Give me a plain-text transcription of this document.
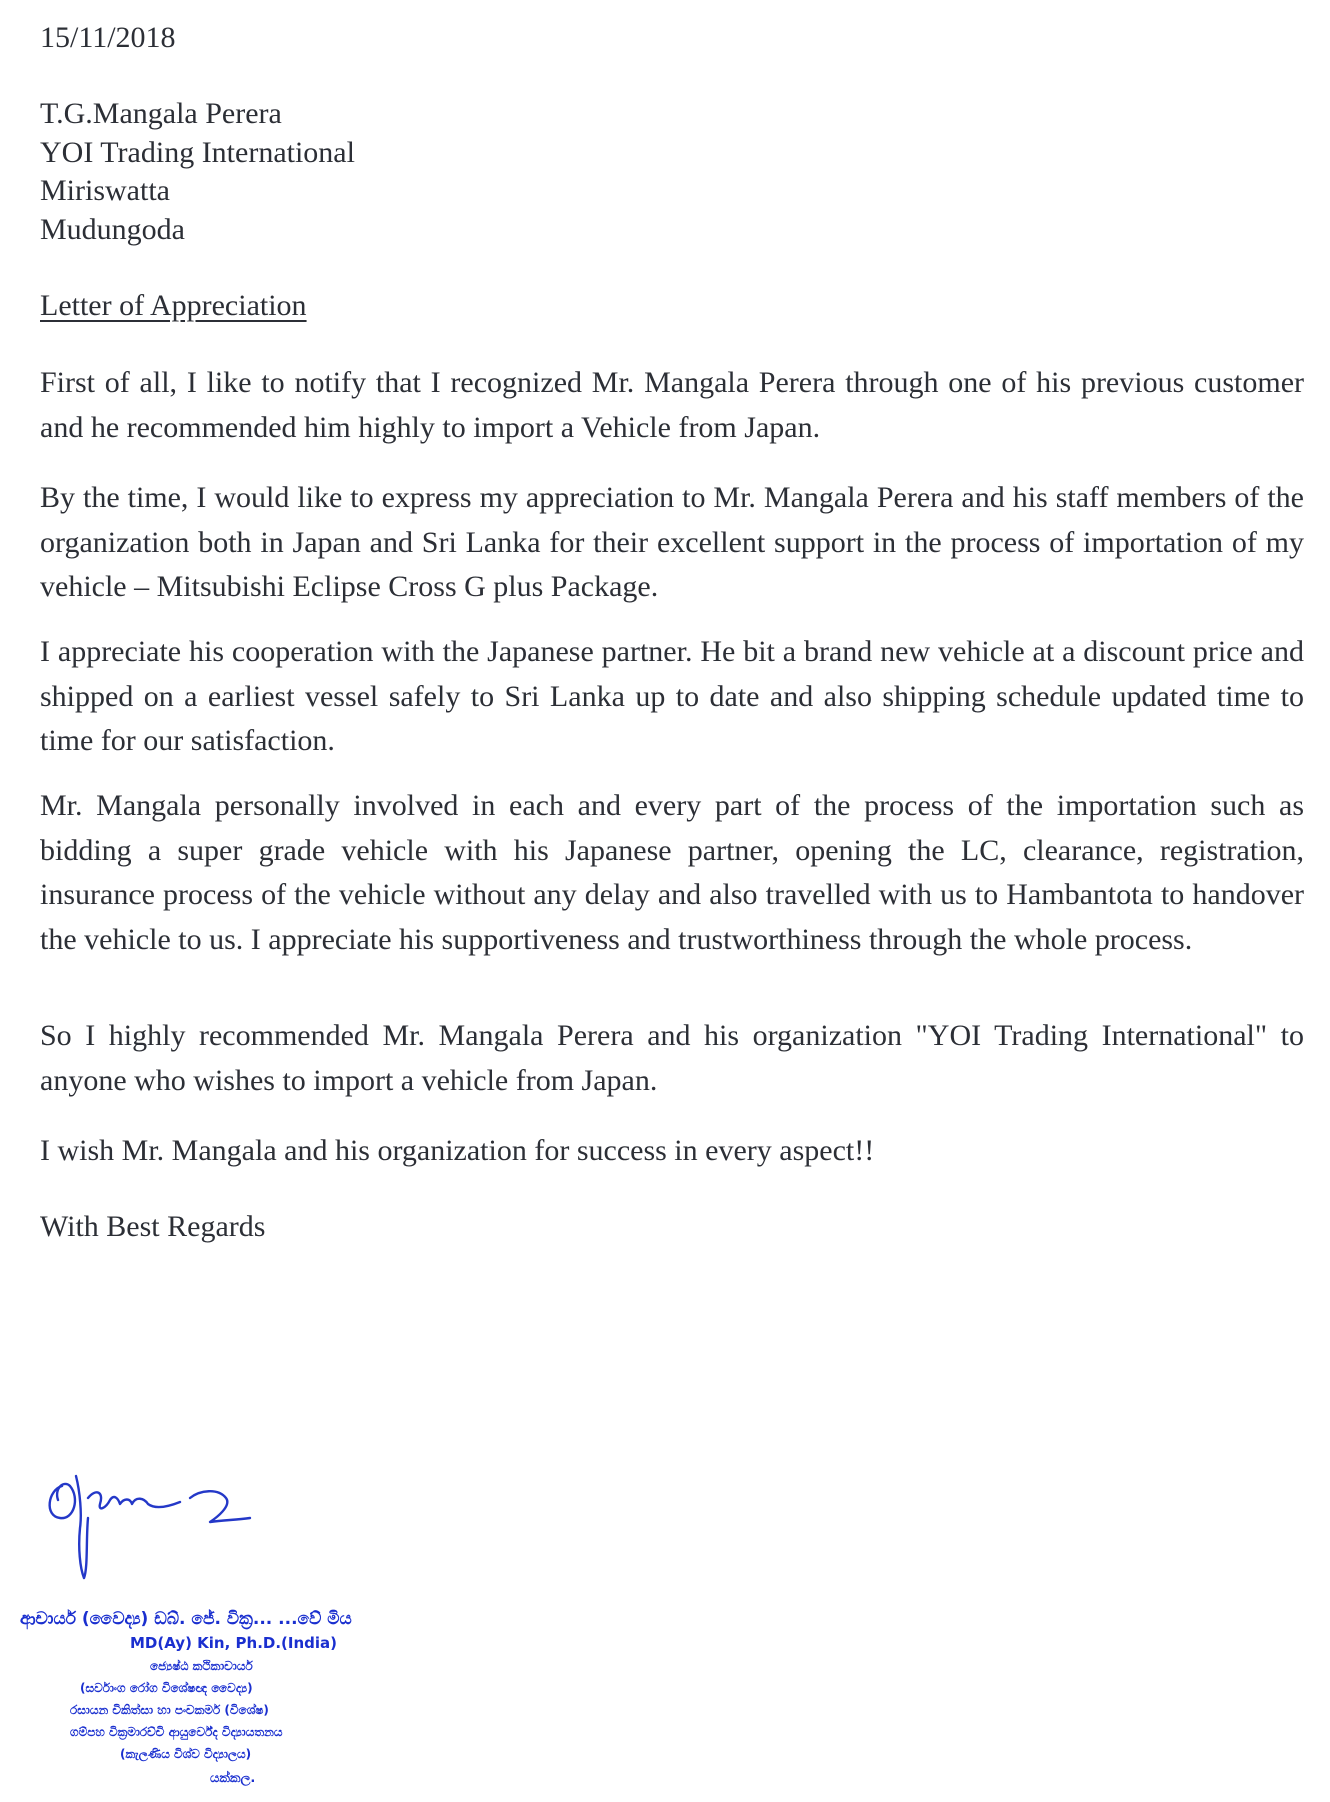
15/11/2018
T.G.Mangala Perera
YOI Trading International
Miriswatta
Mudungoda
Letter of Appreciation
First of all, I like to notify that I recognized Mr. Mangala Perera through one of his previous customer and he recommended him highly to import a Vehicle from Japan.
By the time, I would like to express my appreciation to Mr. Mangala Perera and his staff members of the organization both in Japan and Sri Lanka for their excellent support in the process of importation of my vehicle – Mitsubishi Eclipse Cross G plus Package.
I appreciate his cooperation with the Japanese partner. He bit a brand new vehicle at a discount price and shipped on a earliest vessel safely to Sri Lanka up to date and also shipping schedule updated time to time for our satisfaction.
Mr. Mangala personally involved in each and every part of the process of the importation such as bidding a super grade vehicle with his Japanese partner, opening the LC, clearance, registration, insurance process of the vehicle without any delay and also travelled with us to Hambantota to handover the vehicle to us. I appreciate his supportiveness and trustworthiness through the whole process.
So I highly recommended Mr. Mangala Perera and his organization "YOI Trading International" to anyone who wishes to import a vehicle from Japan.
I wish Mr. Mangala and his organization for success in every aspect!!
With Best Regards
ආචාර්ය (වෛද්‍ය) ඩබ්. ජේ. වික්‍ර... ...වේ මිය
MD(Ay) Kin, Ph.D.(India)
ජ්‍යෙෂ්ඨ කථිකාචාර්ය
(සර්වාංග රෝග විශේෂඥ වෛද්‍ය)
රසායන චිකිත්සා හා පංචකර්ම (විශේෂ)
ගම්පහ වික්‍රමාරච්චි ආයුර්වේද විද්‍යායතනය
(කැලණිය විශ්ව විද්‍යාලය)
යක්කල.
